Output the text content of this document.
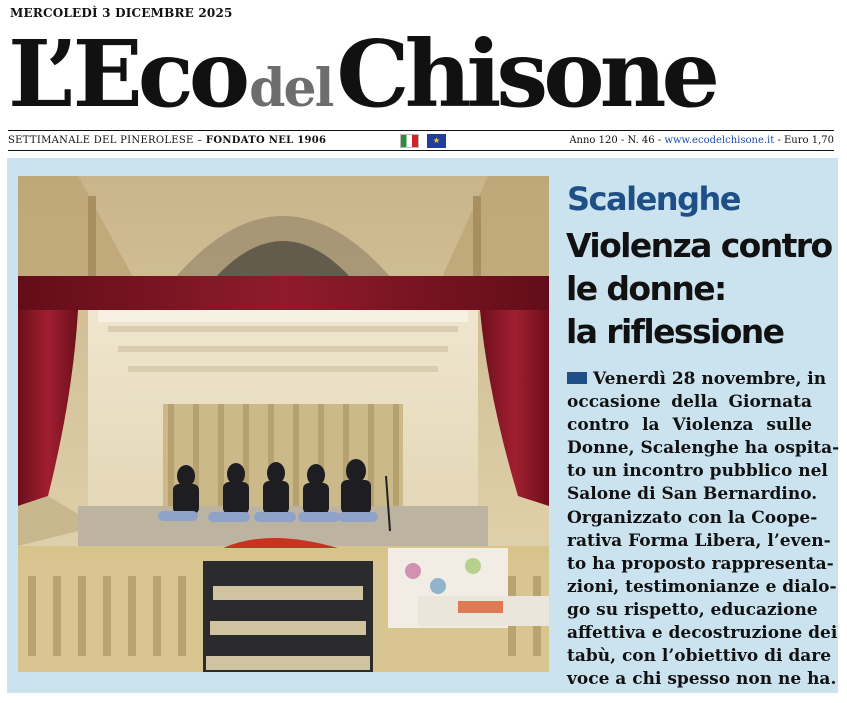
MERCOLEDÌ 3 DICEMBRE 2025
L’EcodelChisone
SETTIMANALE DEL PINEROLESE – FONDATO NEL 1906	★	Anno 120 - N. 46 - www.ecodelchisone.it - Euro 1,70
Scalenghe
Violenza contro
le donne:
la riflessione
Venerdì 28 novembre, in
occasione della Giornata
contro la Violenza sulle
Donne, Scalenghe ha ospita-
to un incontro pubblico nel
Salone di San Bernardino.
Organizzato con la Coope-
rativa Forma Libera, l’even-
to ha proposto rappresenta-
zioni, testimonianze e dialo-
go su rispetto, educazione
affettiva e decostruzione dei
tabù, con l’obiettivo di dare
voce a chi spesso non ne ha.
